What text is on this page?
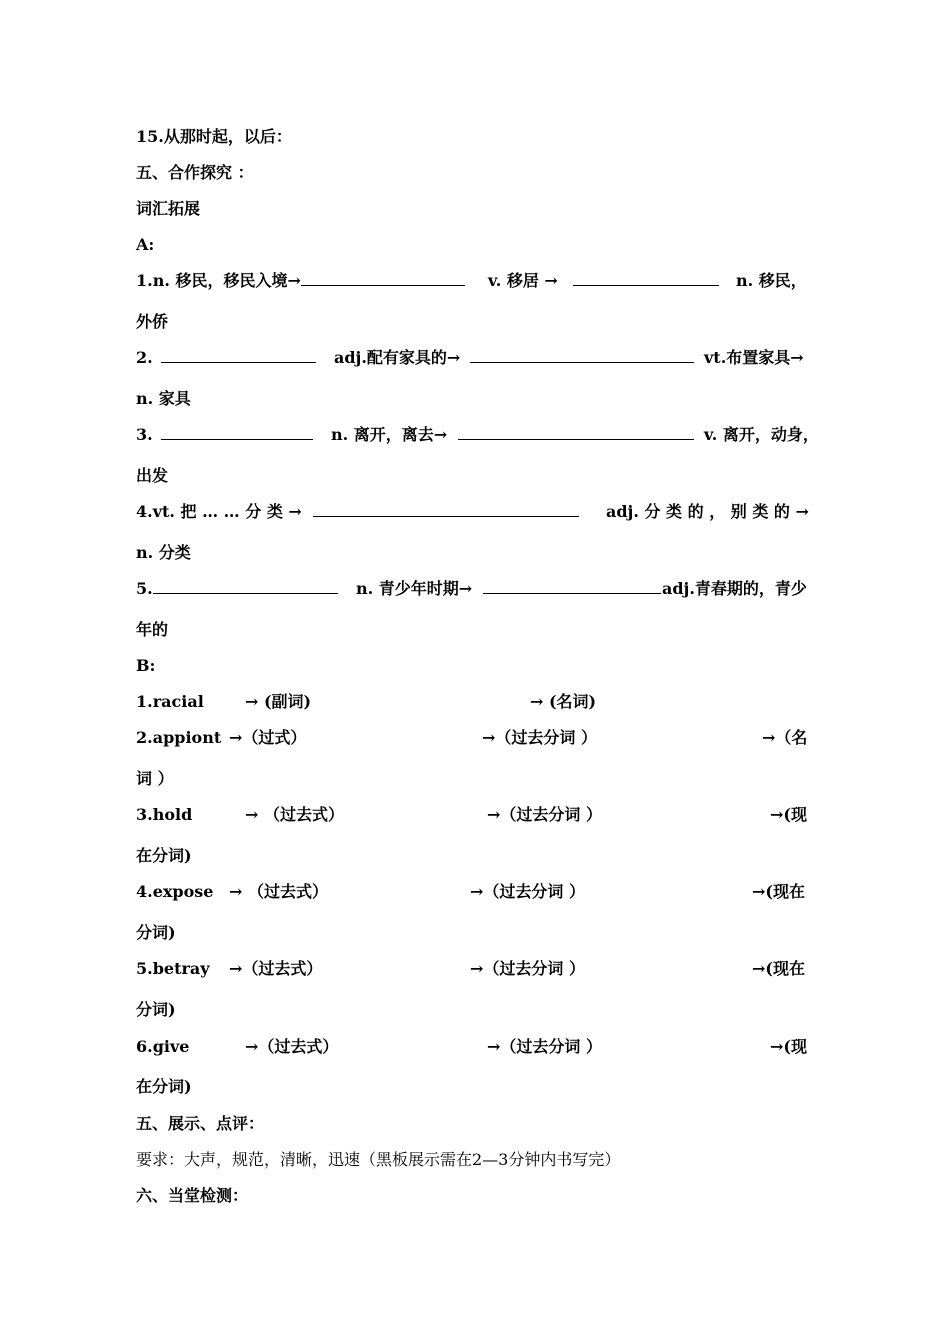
15.从那时起，以后：
五、合作探究 ：
词汇拓展
A:
1.n. 移民，移民入境→	v. 移居 →	n. 移民，
外侨
2.	adj.配有家具的→	vt.布置家具→
n. 家具
3.	n. 离开，离去→	v. 离开，动身，
出发
4.vt. 把 … … 分 类 →	adj. 分 类 的 ， 别 类 的 →
n. 分类
5.	n. 青少年时期→	adj.青春期的，青少
年的
B:
1.racial	→ (副词)	→ (名词)
2.appiont →（过式）	→（过去分词 ）	→（名
词 ）
3.hold	→ （过去式）	→（过去分词 ）	→(现
在分词)
4.expose → （过去式）	→（过去分词 ）	→(现在
分词)
5.betray →（过去式）	→（过去分词 ）	→(现在
分词)
6.give	→（过去式）	→（过去分词 ）	→(现
在分词)
五、展示、点评：
要求：大声，规范，清晰，迅速（黑板展示需在2—3分钟内书写完）
六、当堂检测：
